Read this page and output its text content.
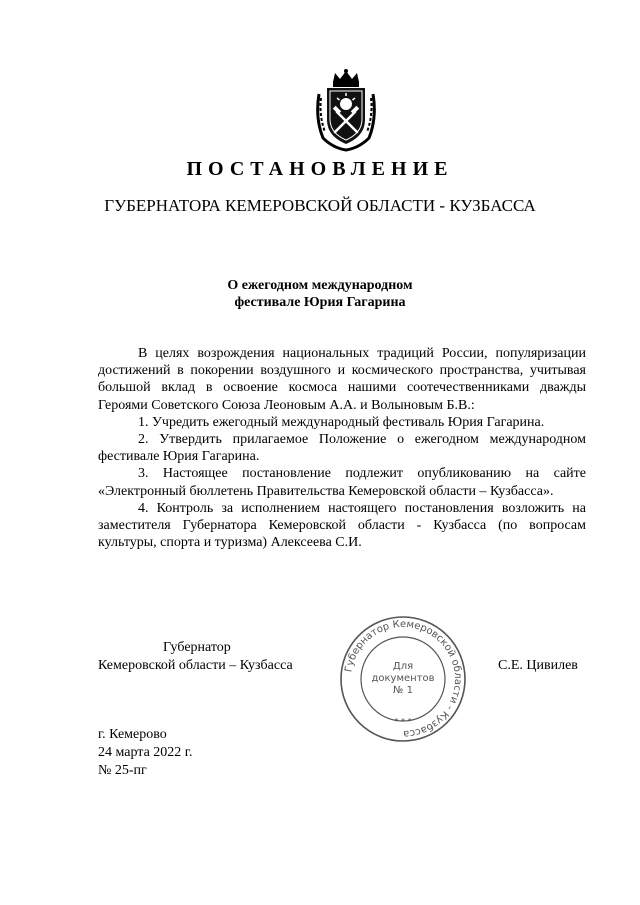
ПОСТАНОВЛЕНИЕ
ГУБЕРНАТОРА КЕМЕРОВСКОЙ ОБЛАСТИ - КУЗБАССА
О ежегодном международном
фестивале Юрия Гагарина

В целях возрождения национальных традиций России, популяризации достижений в покорении воздушного и космического пространства, учитывая большой вклад в освоение космоса нашими соотечественниками дважды Героями Советского Союза Леоновым А.А. и Волыновым Б.В.:

1. Учредить ежегодный международный фестиваль Юрия Гагарина.

2. Утвердить прилагаемое Положение о ежегодном международном фестивале Юрия Гагарина.

3. Настоящее постановление подлежит опубликованию на сайте «Электронный бюллетень Правительства Кемеровской области – Кузбасса».

4. Контроль за исполнением настоящего постановления возложить на заместителя Губернатора Кемеровской области - Кузбасса (по вопросам культуры, спорта и туризма) Алексеева С.И.

Губернатор
Кемеровской области – Кузбасса	С.Е. Цивилев
Губернатор Кемеровской области - Кузбасса
Для
документов
№ 1
* * *
г. Кемерово
24 марта 2022 г.
№ 25-пг
